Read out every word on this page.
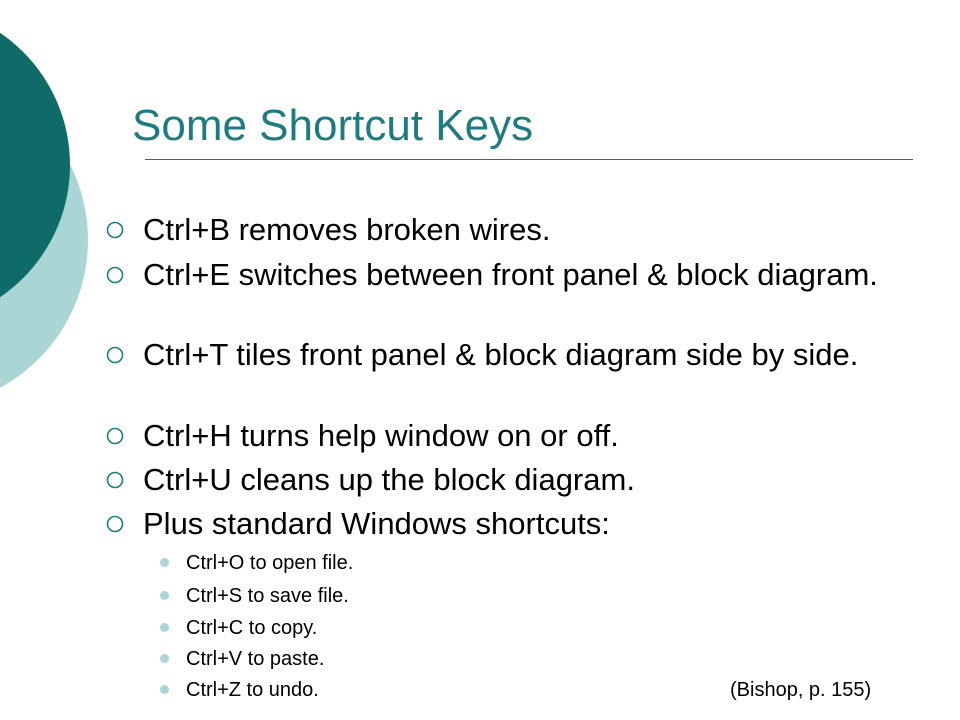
Some Shortcut Keys
Ctrl+B removes broken wires.
Ctrl+E switches between front panel & block diagram.
Ctrl+T tiles front panel & block diagram side by side.
Ctrl+H turns help window on or off.
Ctrl+U cleans up the block diagram.
Plus standard Windows shortcuts:
Ctrl+O to open file.
Ctrl+S to save file.
Ctrl+C to copy.
Ctrl+V to paste.
Ctrl+Z to undo.	(Bishop, p. 155)
